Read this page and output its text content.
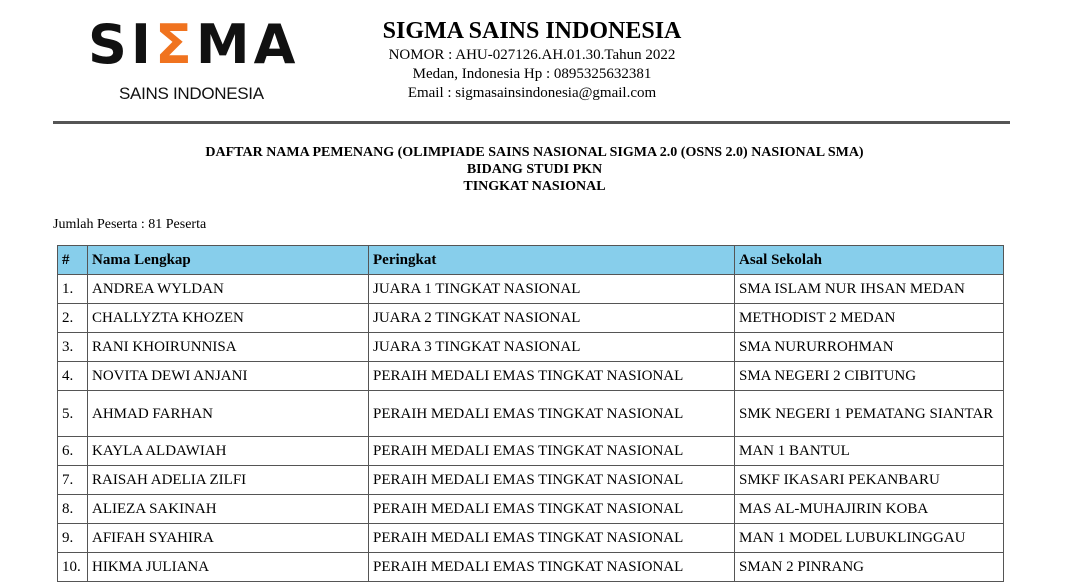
SIΣMA
SAINS INDONESIA
SIGMA SAINS INDONESIA
NOMOR : AHU-027126.AH.01.30.Tahun 2022
Medan, Indonesia Hp : 0895325632381
Email : sigmasainsindonesia@gmail.com
DAFTAR NAMA PEMENANG (OLIMPIADE SAINS NASIONAL SIGMA 2.0 (OSNS 2.0) NASIONAL SMA)
BIDANG STUDI PKN
TINGKAT NASIONAL
Jumlah Peserta : 81 Peserta
#	Nama Lengkap	Peringkat	Asal Sekolah
1.	ANDREA WYLDAN	JUARA 1 TINGKAT NASIONAL	SMA ISLAM NUR IHSAN MEDAN
2.	CHALLYZTA KHOZEN	JUARA 2 TINGKAT NASIONAL	METHODIST 2 MEDAN
3.	RANI KHOIRUNNISA	JUARA 3 TINGKAT NASIONAL	SMA NURURROHMAN
4.	NOVITA DEWI ANJANI	PERAIH MEDALI EMAS TINGKAT NASIONAL	SMA NEGERI 2 CIBITUNG
5.	AHMAD FARHAN	PERAIH MEDALI EMAS TINGKAT NASIONAL	SMK NEGERI 1 PEMATANG SIANTAR
6.	KAYLA ALDAWIAH	PERAIH MEDALI EMAS TINGKAT NASIONAL	MAN 1 BANTUL
7.	RAISAH ADELIA ZILFI	PERAIH MEDALI EMAS TINGKAT NASIONAL	SMKF IKASARI PEKANBARU
8.	ALIEZA SAKINAH	PERAIH MEDALI EMAS TINGKAT NASIONAL	MAS AL-MUHAJIRIN KOBA
9.	AFIFAH SYAHIRA	PERAIH MEDALI EMAS TINGKAT NASIONAL	MAN 1 MODEL LUBUKLINGGAU
10.	HIKMA JULIANA	PERAIH MEDALI EMAS TINGKAT NASIONAL	SMAN 2 PINRANG
